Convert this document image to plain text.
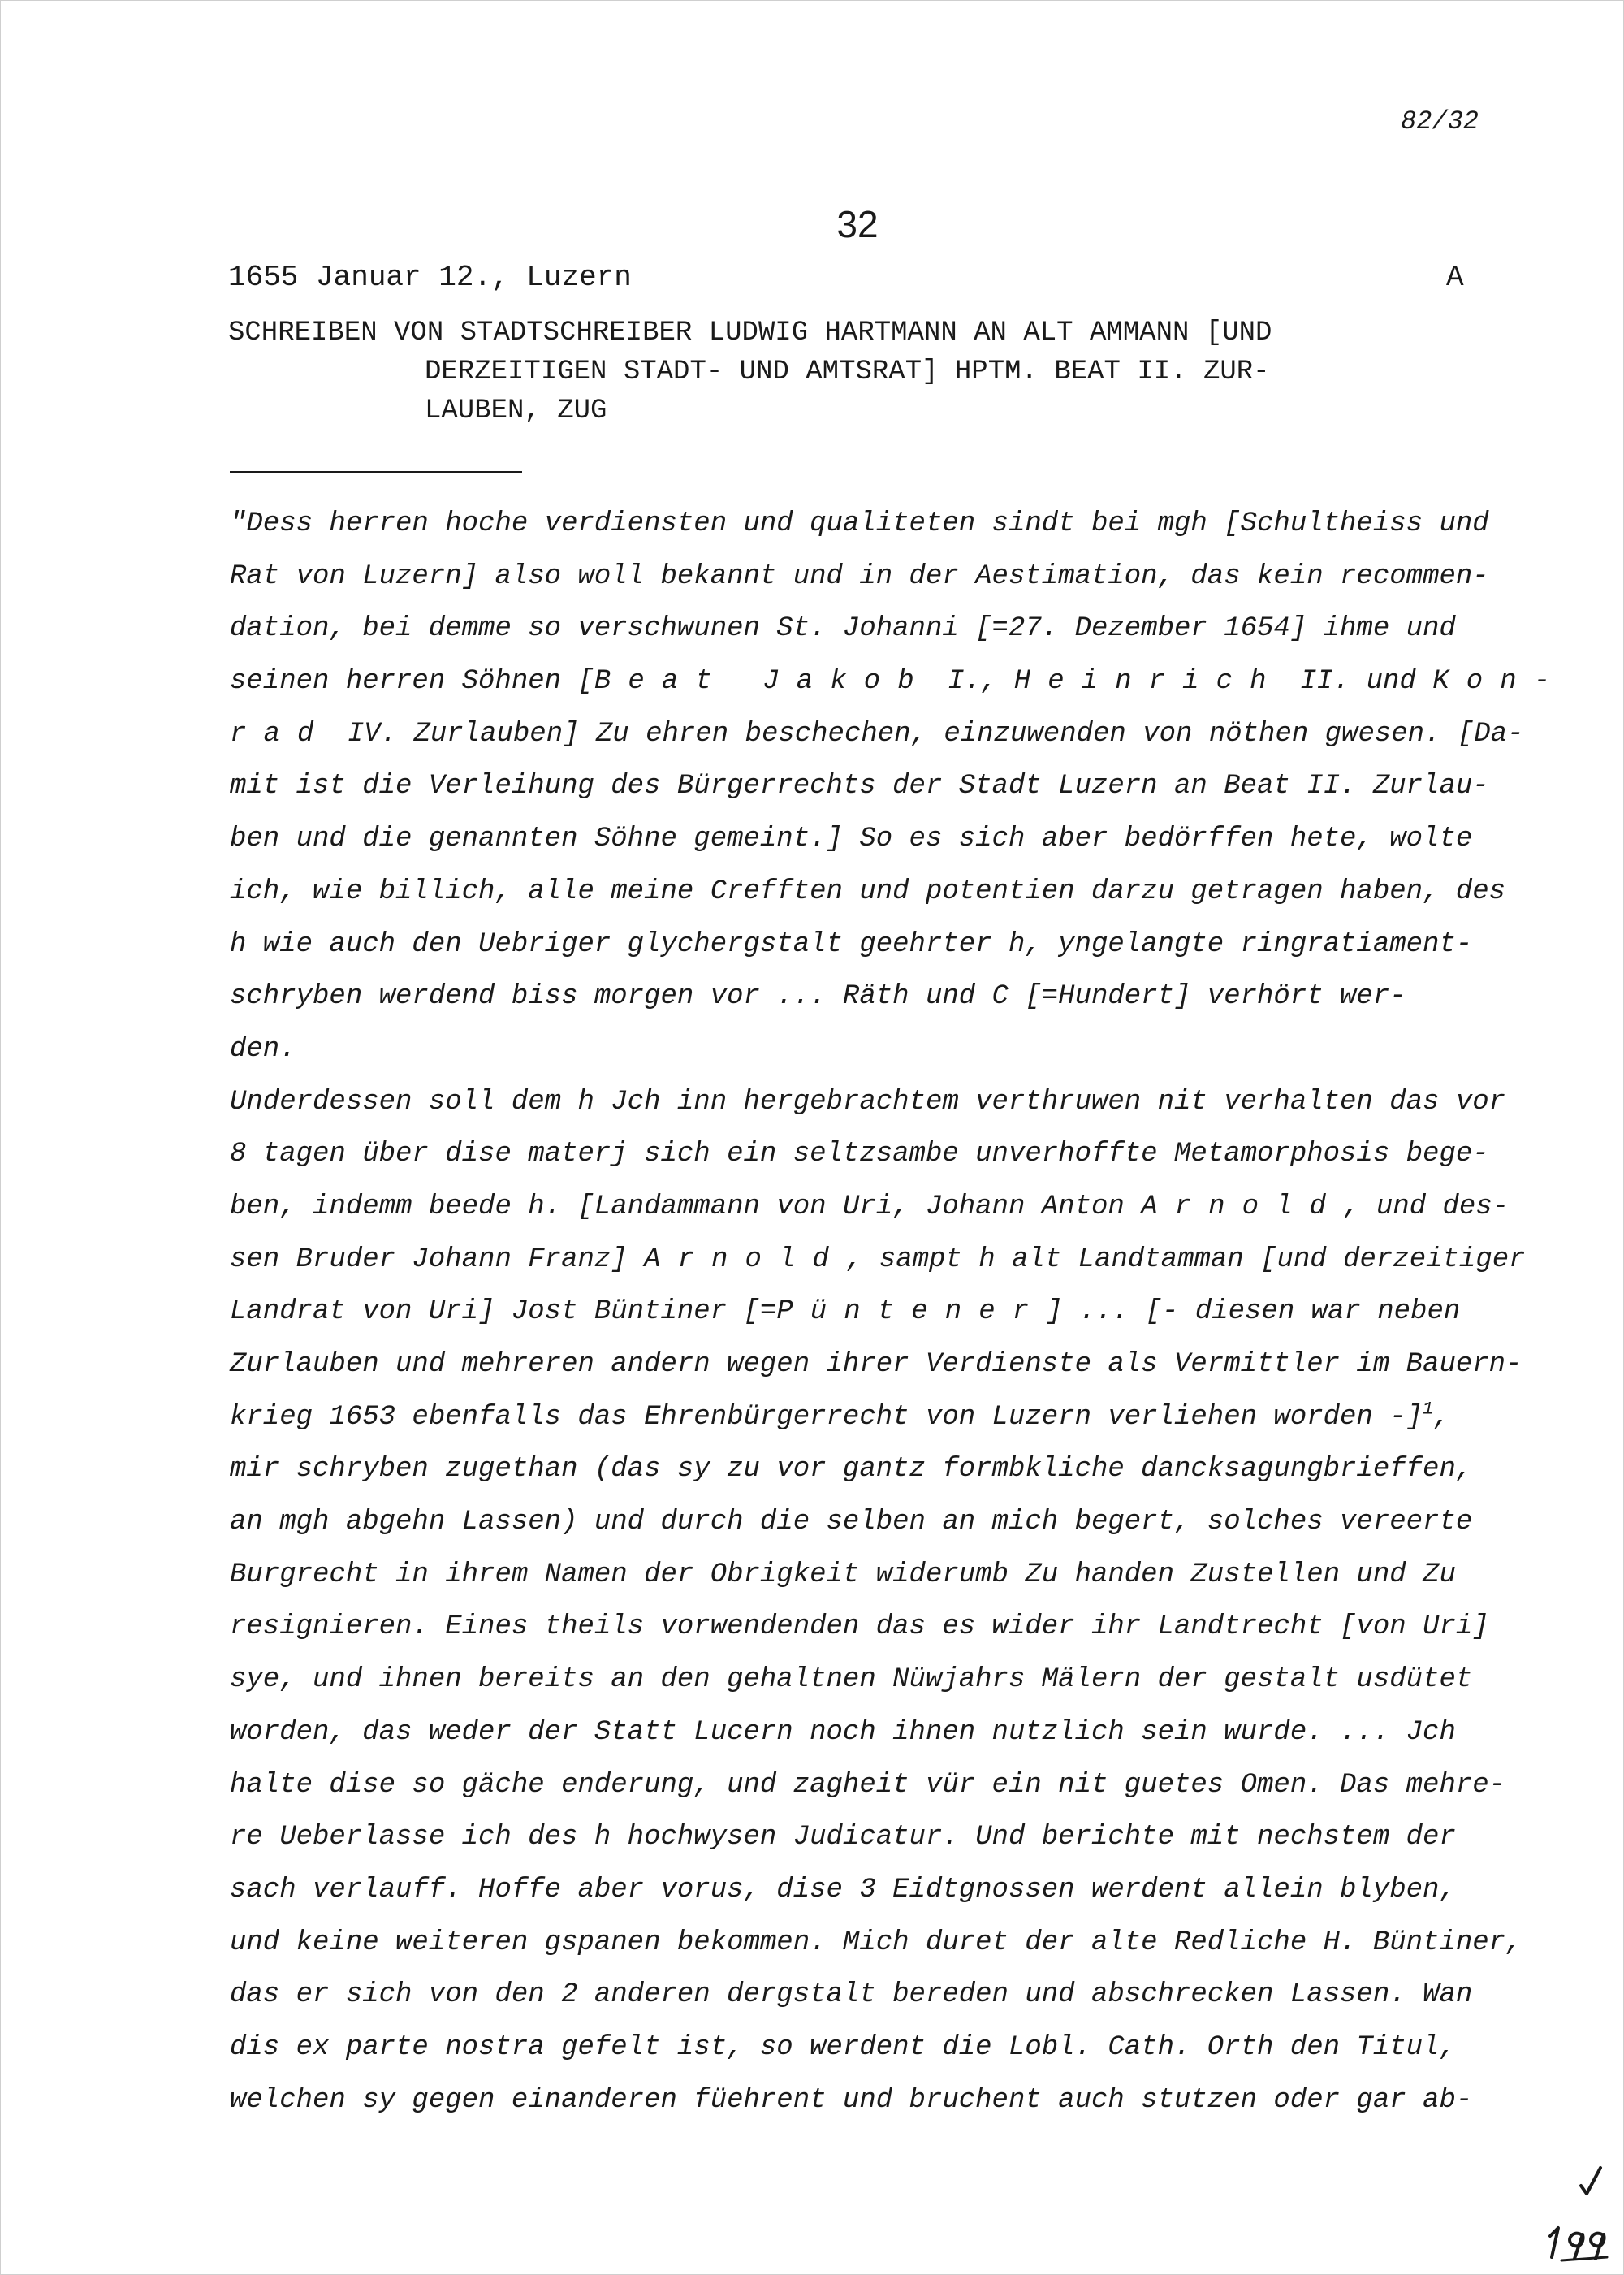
82/32
32
1655 Januar 12., Luzern	A
SCHREIBEN VON STADTSCHREIBER LUDWIG HARTMANN AN ALT AMMANN [UND
DERZEITIGEN STADT- UND AMTSRAT] HPTM. BEAT II. ZUR-
LAUBEN, ZUG
"Dess herren hoche verdiensten und qualiteten sindt bei mgh [Schultheiss und
Rat von Luzern] also woll bekannt und in der Aestimation, das kein recommen-
dation, bei demme so verschwunen St. Johanni [=27. Dezember 1654] ihme und
seinen herren Söhnen [Beat Jakob I., Heinrich II. und Kon-
rad IV. Zurlauben] Zu ehren beschechen, einzuwenden von nöthen gwesen. [Da-
mit ist die Verleihung des Bürgerrechts der Stadt Luzern an Beat II. Zurlau-
ben und die genannten Söhne gemeint.] So es sich aber bedörffen hete, wolte
ich, wie billich, alle meine Crefften und potentien darzu getragen haben, des
h wie auch den Uebriger glychergstalt geehrter h, yngelangte ringratiament-
schryben werdend biss morgen vor ... Räth und C [=Hundert] verhört wer-
den.
Underdessen soll dem h Jch inn hergebrachtem verthruwen nit verhalten das vor
8 tagen über dise materj sich ein seltzsambe unverhoffte Metamorphosis bege-
ben, indemm beede h. [Landammann von Uri, Johann Anton Arnold, und des-
sen Bruder Johann Franz] Arnold, sampt h alt Landtamman [und derzeitiger
Landrat von Uri] Jost Büntiner [=Püntener] ... [- diesen war neben
Zurlauben und mehreren andern wegen ihrer Verdienste als Vermittler im Bauern-
krieg 1653 ebenfalls das Ehrenbürgerrecht von Luzern verliehen worden -]$^1$,
mir schryben zugethan (das sy zu vor gantz formbkliche dancksagungbrieffen,
an mgh abgehn Lassen) und durch die selben an mich begert, solches vereerte
Burgrecht in ihrem Namen der Obrigkeit widerumb Zu handen Zustellen und Zu
resignieren. Eines theils vorwendenden das es wider ihr Landtrecht [von Uri]
sye, und ihnen bereits an den gehaltnen Nüwjahrs Mälern der gestalt usdütet
worden, das weder der Statt Lucern noch ihnen nutzlich sein wurde. ... Jch
halte dise so gäche enderung, und zagheit vür ein nit guetes Omen. Das mehre-
re Ueberlasse ich des h hochwysen Judicatur. Und berichte mit nechstem der
sach verlauff. Hoffe aber vorus, dise 3 Eidtgnossen werdent allein blyben,
und keine weiteren gspanen bekommen. Mich duret der alte Redliche H. Büntiner,
das er sich von den 2 anderen dergstalt bereden und abschrecken Lassen. Wan
dis ex parte nostra gefelt ist, so werdent die Lobl. Cath. Orth den Titul,
welchen sy gegen einanderen füehrent und bruchent auch stutzen oder gar ab-
